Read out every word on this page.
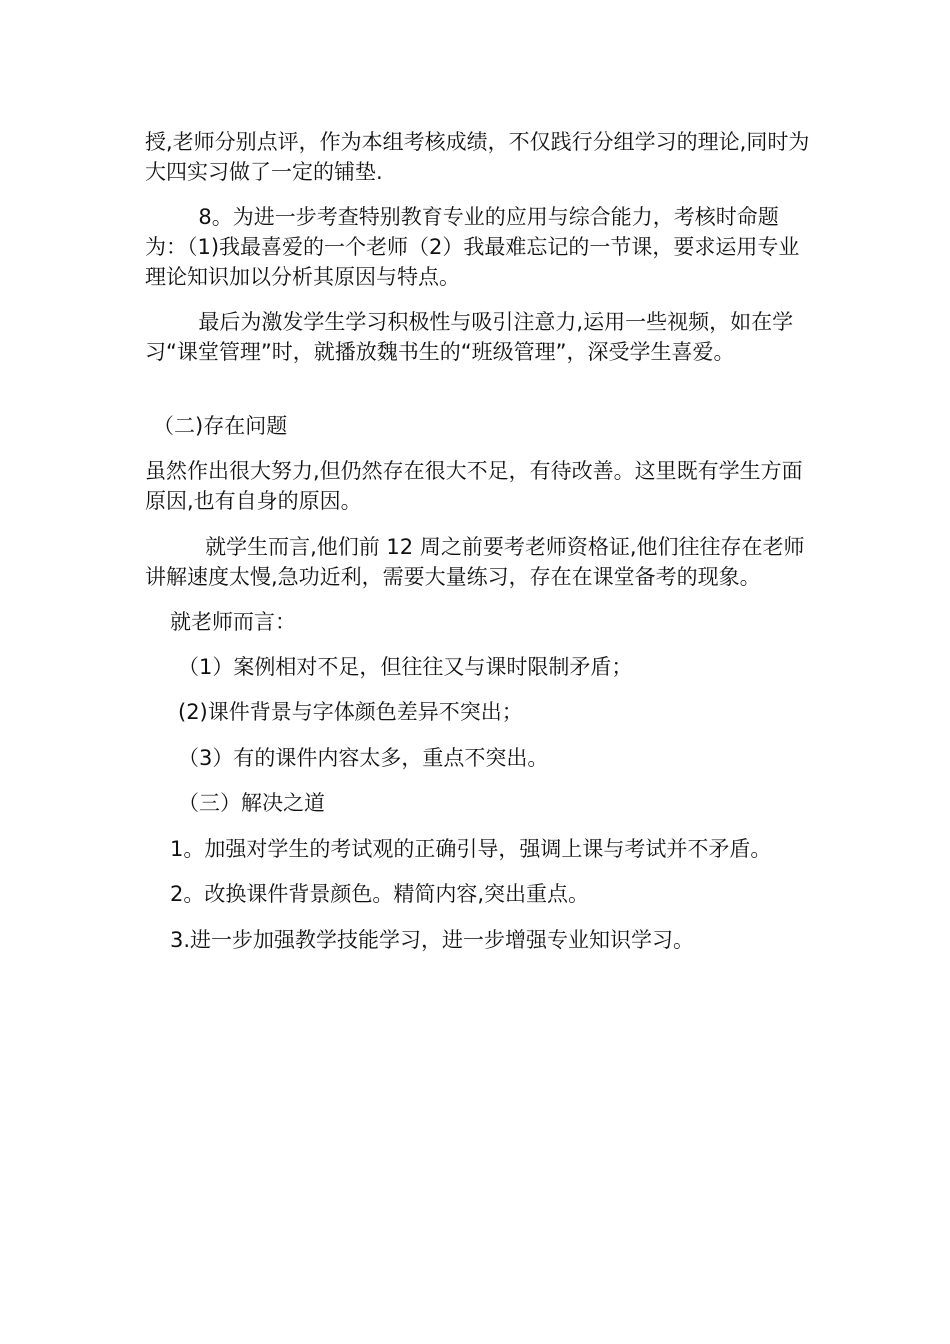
授,老师分别点评，作为本组考核成绩，不仅践行分组学习的理论,同时为大四实习做了一定的铺垫.

8。为进一步考查特别教育专业的应用与综合能力，考核时命题为：（1)我最喜爱的一个老师（2）我最难忘记的一节课，要求运用专业理论知识加以分析其原因与特点。

最后为激发学生学习积极性与吸引注意力,运用一些视频，如在学习“课堂管理”时，就播放魏书生的“班级管理”，深受学生喜爱。

（二)存在问题

虽然作出很大努力,但仍然存在很大不足，有待改善。这里既有学生方面原因,也有自身的原因。

就学生而言,他们前 12 周之前要考老师资格证,他们往往存在老师讲解速度太慢,急功近利，需要大量练习，存在在课堂备考的现象。

就老师而言：

（1）案例相对不足，但往往又与课时限制矛盾；

(2)课件背景与字体颜色差异不突出；

（3）有的课件内容太多，重点不突出。

（三）解决之道

1。加强对学生的考试观的正确引导，强调上课与考试并不矛盾。

2。改换课件背景颜色。精简内容,突出重点。

3.进一步加强教学技能学习，进一步增强专业知识学习。
